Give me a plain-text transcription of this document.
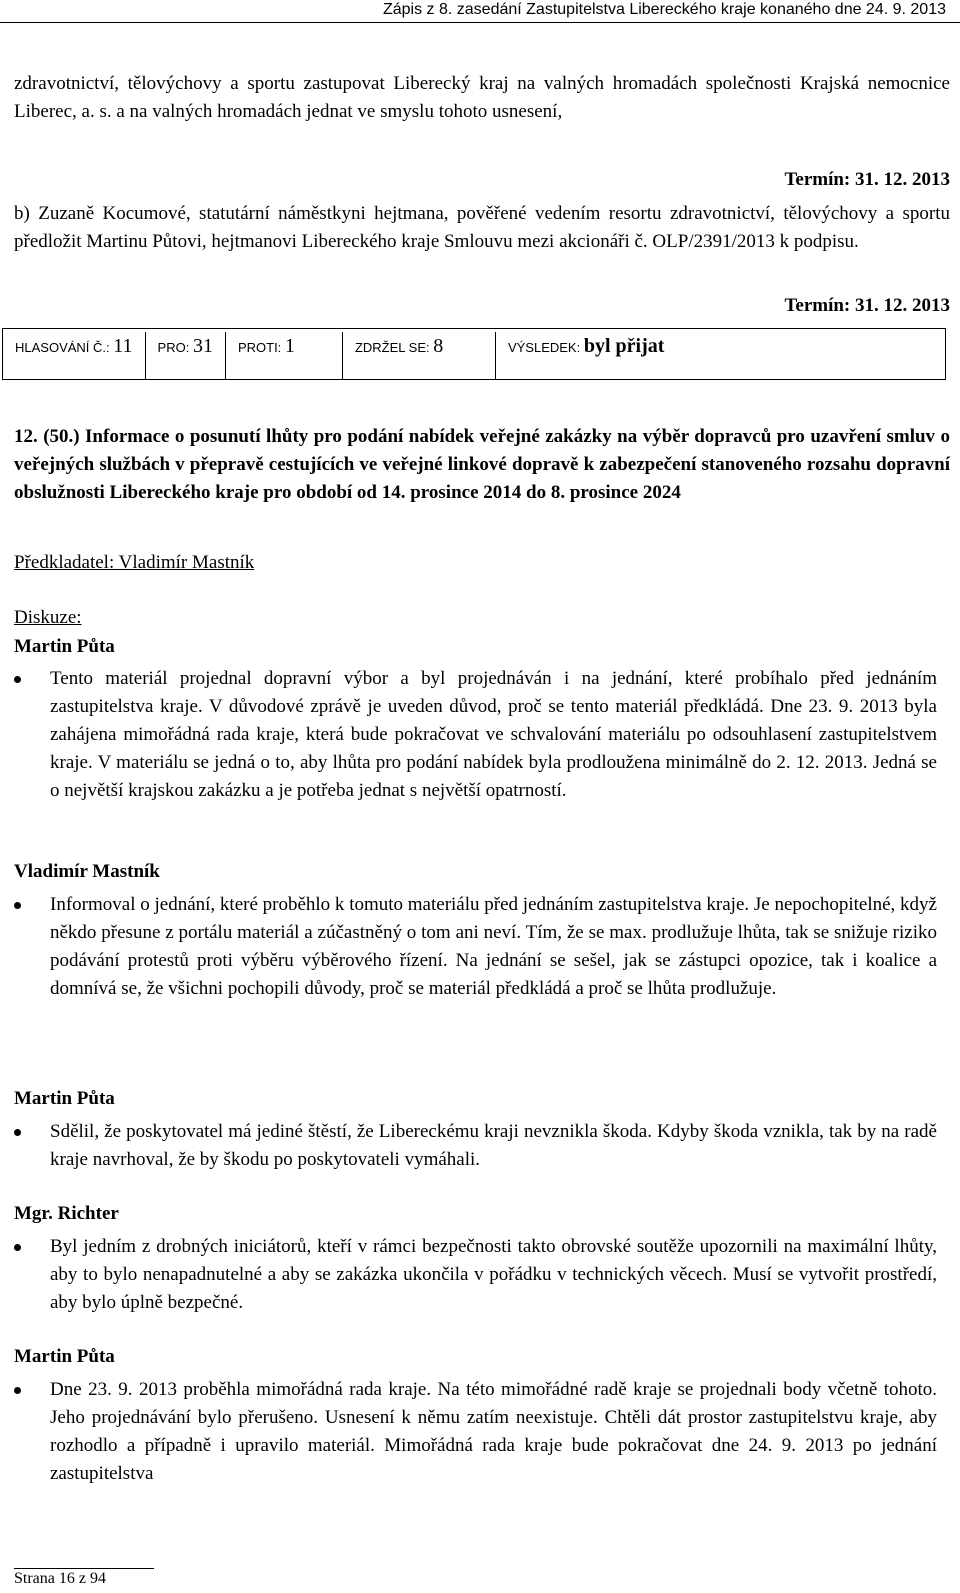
Zápis z 8. zasedání Zastupitelstva Libereckého kraje konaného dne 24. 9. 2013
zdravotnictví, tělovýchovy a sportu zastupovat Liberecký kraj na valných hromadách společnosti Krajská nemocnice Liberec, a. s. a na valných hromadách jednat ve smyslu tohoto usnesení,
Termín: 31. 12. 2013
b) Zuzaně Kocumové, statutární náměstkyni hejtmana, pověřené vedením resortu zdravotnictví, tělovýchovy a sportu předložit Martinu Půtovi, hejtmanovi Libereckého kraje Smlouvu mezi akcionáři č. OLP/2391/2013 k podpisu.
Termín: 31. 12. 2013
HLASOVÁNÍ Č.: 11 PRO: 31 PROTI: 1	ZDRŽEL SE: 8	VÝSLEDEK: byl přijat
12. (50.) Informace o posunutí lhůty pro podání nabídek veřejné zakázky na výběr dopravců pro uzavření smluv o veřejných službách v přepravě cestujících ve veřejné linkové dopravě k zabezpečení stanoveného rozsahu dopravní obslužnosti Libereckého kraje pro období od 14. prosince 2014 do 8. prosince 2024
Předkladatel: Vladimír Mastník
Diskuze:
Martin Půta
Tento materiál projednal dopravní výbor a byl projednáván i na jednání, které probíhalo před jednáním zastupitelstva kraje. V důvodové zprávě je uveden důvod, proč se tento materiál předkládá. Dne 23. 9. 2013 byla zahájena mimořádná rada kraje, která bude pokračovat ve schvalování materiálu po odsouhlasení zastupitelstvem kraje. V materiálu se jedná o to, aby lhůta pro podání nabídek byla prodloužena minimálně do 2. 12. 2013. Jedná se o největší krajskou zakázku a je potřeba jednat s největší opatrností.
Vladimír Mastník
Informoval o jednání, které proběhlo k tomuto materiálu před jednáním zastupitelstva kraje. Je nepochopitelné, když někdo přesune z portálu materiál a zúčastněný o tom ani neví. Tím, že se max. prodlužuje lhůta, tak se snižuje riziko podávání protestů proti výběru výběrového řízení. Na jednání se sešel, jak se zástupci opozice, tak i koalice a domnívá se, že všichni pochopili důvody, proč se materiál předkládá a proč se lhůta prodlužuje.
Martin Půta
Sdělil, že poskytovatel má jediné štěstí, že Libereckému kraji nevznikla škoda. Kdyby škoda vznikla, tak by na radě kraje navrhoval, že by škodu po poskytovateli vymáhali.
Mgr. Richter
Byl jedním z drobných iniciátorů, kteří v rámci bezpečnosti takto obrovské soutěže upozornili na maximální lhůty, aby to bylo nenapadnutelné a aby se zakázka ukončila v pořádku v technických věcech. Musí se vytvořit prostředí, aby bylo úplně bezpečné.
Martin Půta
Dne 23. 9. 2013 proběhla mimořádná rada kraje. Na této mimořádné radě kraje se projednali body včetně tohoto. Jeho projednávání bylo přerušeno. Usnesení k němu zatím neexistuje. Chtěli dát prostor zastupitelstvu kraje, aby rozhodlo a případně i upravilo materiál. Mimořádná rada kraje bude pokračovat dne 24. 9. 2013 po jednání zastupitelstva
Strana 16 z 94
